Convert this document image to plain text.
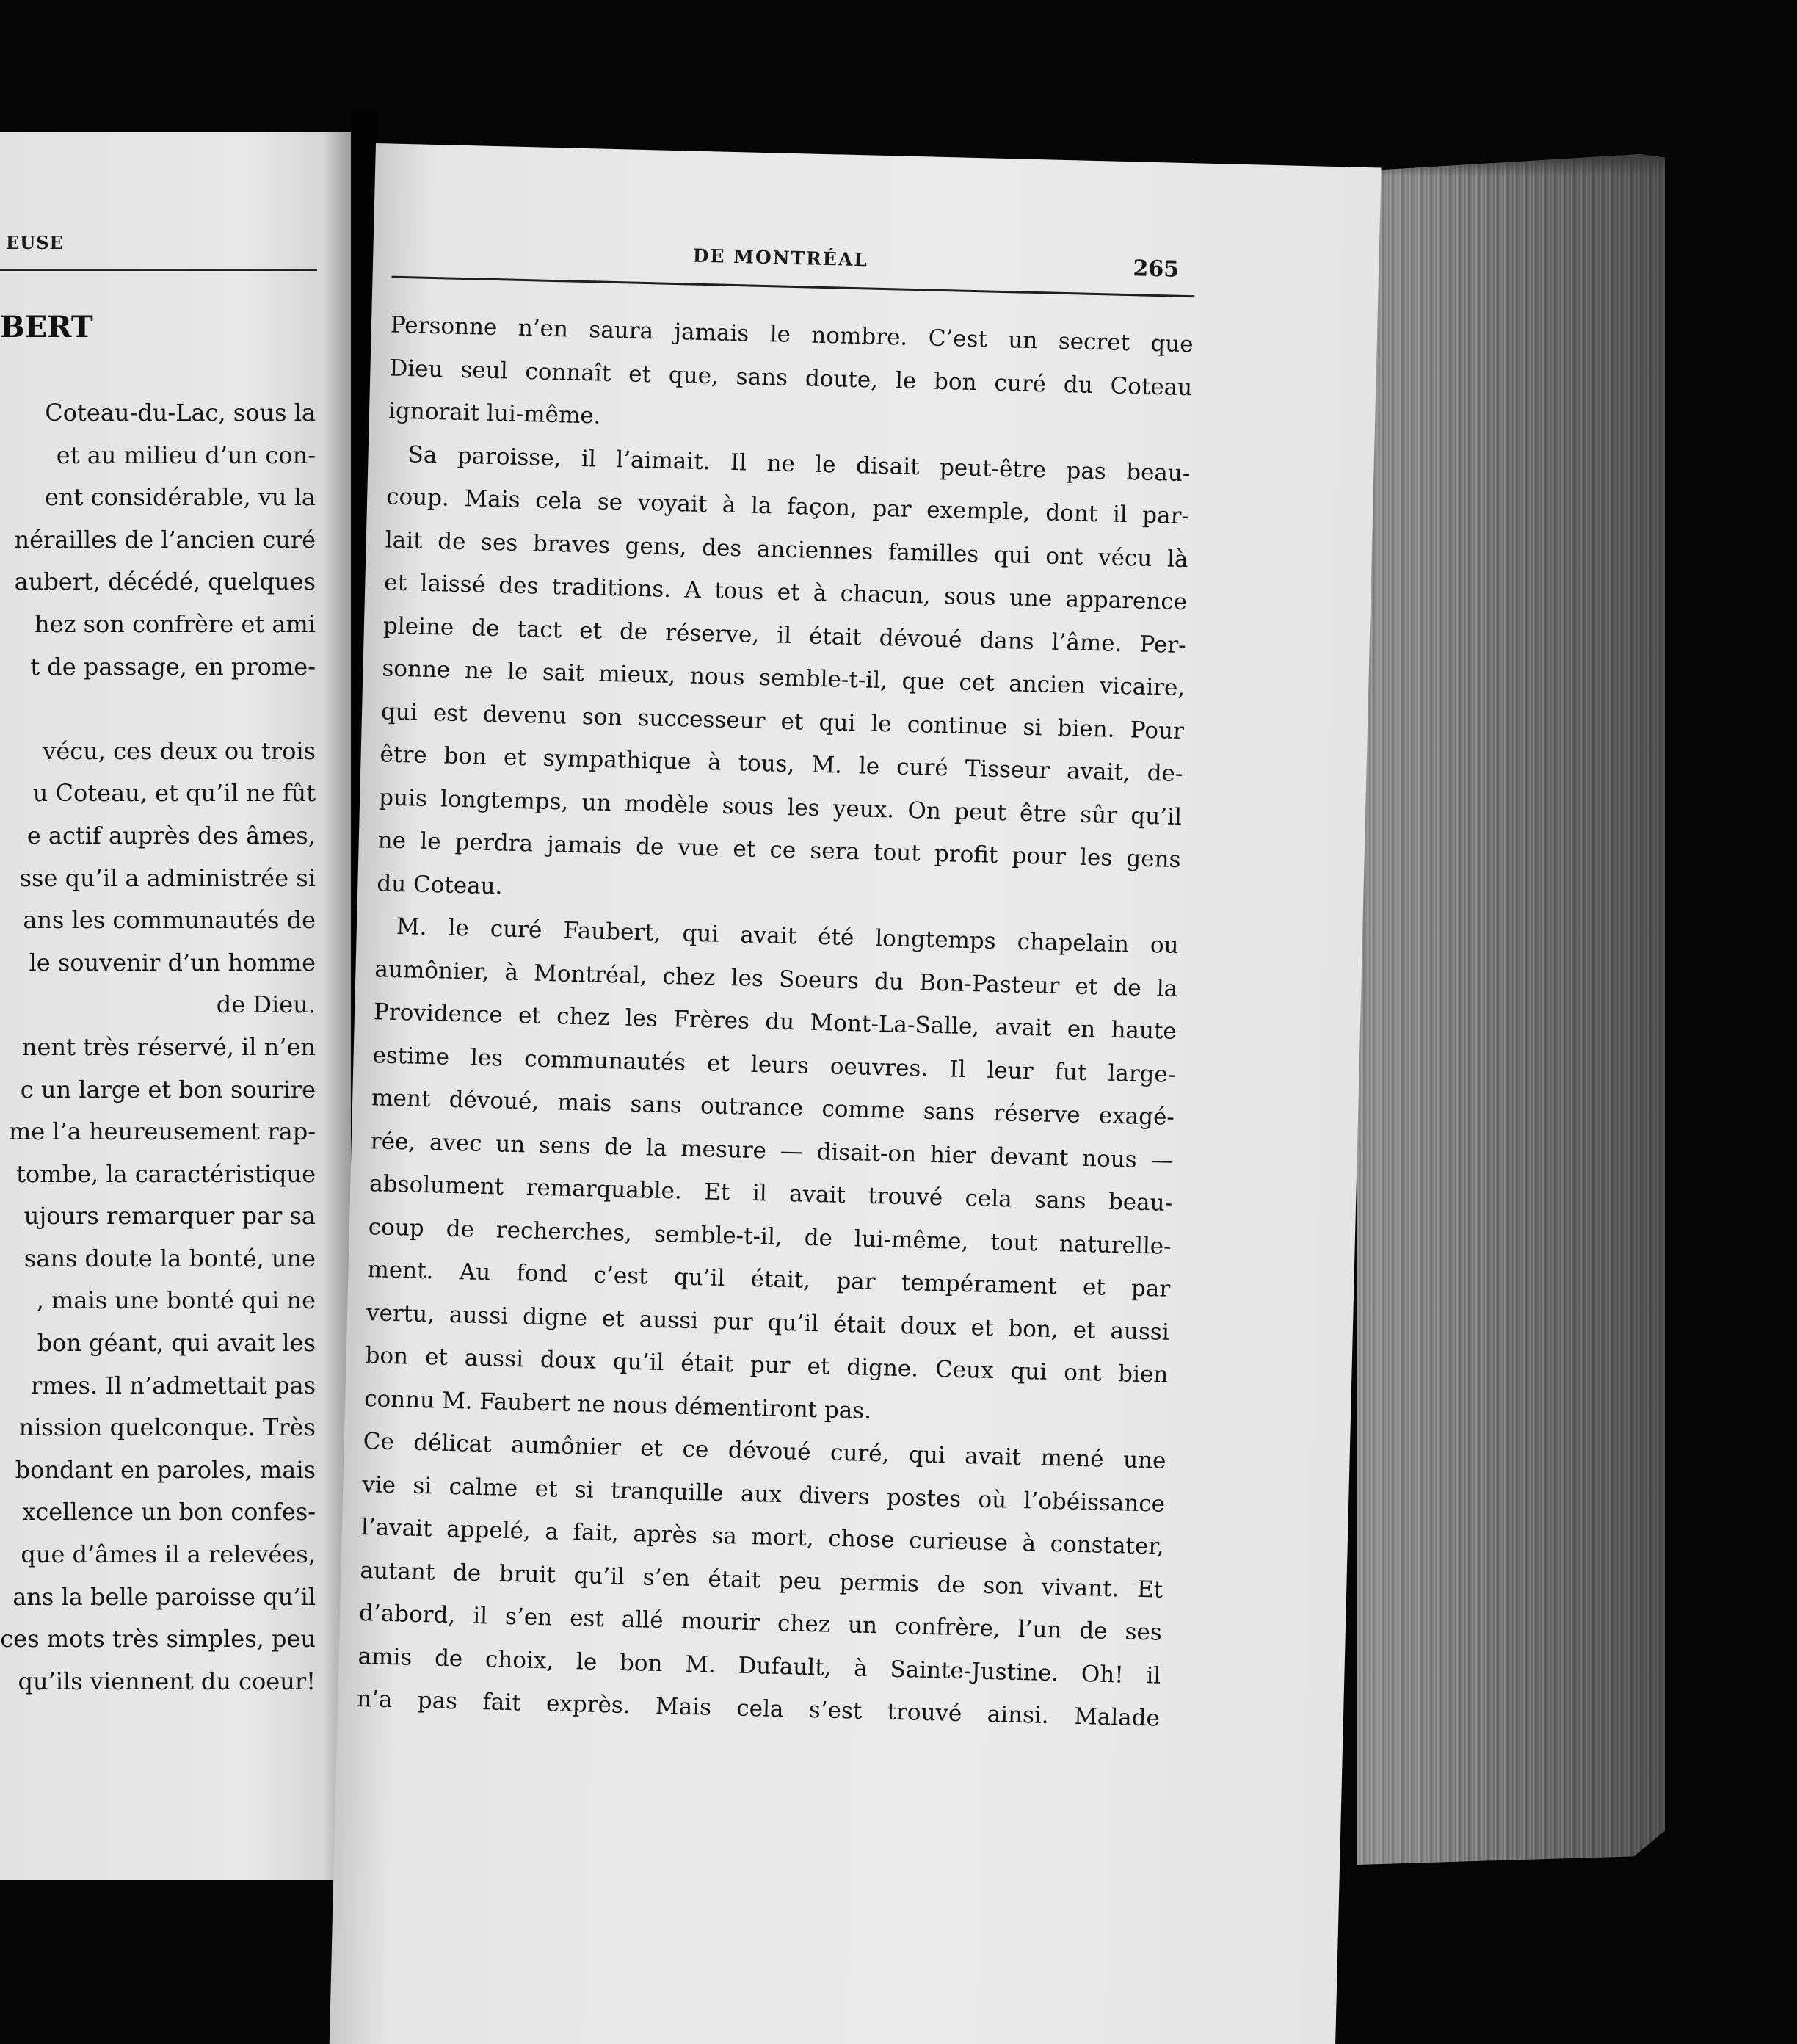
EUSE
BERT
Coteau-du-Lac, sous la
et au milieu d’un con-
ent considérable, vu la
nérailles de l’ancien curé
aubert, décédé, quelques
hez son confrère et ami
t de passage, en prome-

vécu, ces deux ou trois
u Coteau, et qu’il ne fût
e actif auprès des âmes,
sse qu’il a administrée si
ans les communautés de
le souvenir d’un homme
de Dieu.
nent très réservé, il n’en
c un large et bon sourire
me l’a heureusement rap-
tombe, la caractéristique
ujours remarquer par sa
sans doute la bonté, une
, mais une bonté qui ne
bon géant, qui avait les
rmes. Il n’admettait pas
nission quelconque. Très
bondant en paroles, mais
xcellence un bon confes-
que d’âmes il a relevées,
ans la belle paroisse qu’il
ces mots très simples, peu
qu’ils viennent du coeur!
DE MONTRÉAL	265
Personne n’en saura jamais le nombre. C’est un secret que
Dieu seul connaît et que, sans doute, le bon curé du Coteau
ignorait lui-même.
Sa paroisse, il l’aimait. Il ne le disait peut-être pas beau-
coup. Mais cela se voyait à la façon, par exemple, dont il par-
lait de ses braves gens, des anciennes familles qui ont vécu là
et laissé des traditions. A tous et à chacun, sous une apparence
pleine de tact et de réserve, il était dévoué dans l’âme. Per-
sonne ne le sait mieux, nous semble-t-il, que cet ancien vicaire,
qui est devenu son successeur et qui le continue si bien. Pour
être bon et sympathique à tous, M. le curé Tisseur avait, de-
puis longtemps, un modèle sous les yeux. On peut être sûr qu’il
ne le perdra jamais de vue et ce sera tout profit pour les gens
du Coteau.
M. le curé Faubert, qui avait été longtemps chapelain ou
aumônier, à Montréal, chez les Soeurs du Bon-Pasteur et de la
Providence et chez les Frères du Mont-La-Salle, avait en haute
estime les communautés et leurs oeuvres. Il leur fut large-
ment dévoué, mais sans outrance comme sans réserve exagé-
rée, avec un sens de la mesure — disait-on hier devant nous —
absolument remarquable. Et il avait trouvé cela sans beau-
coup de recherches, semble-t-il, de lui-même, tout naturelle-
ment. Au fond c’est qu’il était, par tempérament et par
vertu, aussi digne et aussi pur qu’il était doux et bon, et aussi
bon et aussi doux qu’il était pur et digne. Ceux qui ont bien
connu M. Faubert ne nous démentiront pas.
Ce délicat aumônier et ce dévoué curé, qui avait mené une
vie si calme et si tranquille aux divers postes où l’obéissance
l’avait appelé, a fait, après sa mort, chose curieuse à constater,
autant de bruit qu’il s’en était peu permis de son vivant. Et
d’abord, il s’en est allé mourir chez un confrère, l’un de ses
amis de choix, le bon M. Dufault, à Sainte-Justine. Oh! il
n’a pas fait exprès. Mais cela s’est trouvé ainsi. Malade
